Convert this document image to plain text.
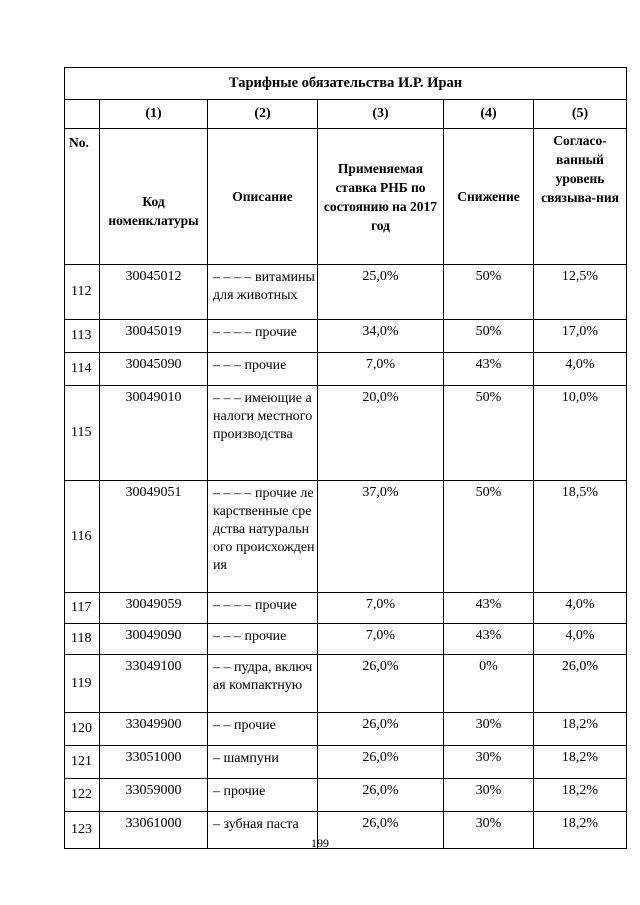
Тарифные обязательства И.Р. Иран					
	(1)	(2)	(3)	(4)	(5)
No.	Код номенклатуры	Описание	Применяемая ставка РНБ по состоянию на 2017 год	Снижение	Согласо-ванный уровень связыва-ния
112	30045012	– – – – витамины для животных	25,0%	50%	12,5%
113	30045019	– – – – прочие	34,0%	50%	17,0%
114	30045090	– – – прочие	7,0%	43%	4,0%
115	30049010	– – – имеющие аналоги местного производства	20,0%	50%	10,0%
116	30049051	– – – – прочие лекарственные средства натурального происхождения	37,0%	50%	18,5%
117	30049059	– – – – прочие	7,0%	43%	4,0%
118	30049090	– – – прочие	7,0%	43%	4,0%
119	33049100	– – пудра, включая компактную	26,0%	0%	26,0%
120	33049900	– – прочие	26,0%	30%	18,2%
121	33051000	– шампуни	26,0%	30%	18,2%
122	33059000	– прочие	26,0%	30%	18,2%
123	33061000	– зубная паста	26,0%	30%	18,2%
199
